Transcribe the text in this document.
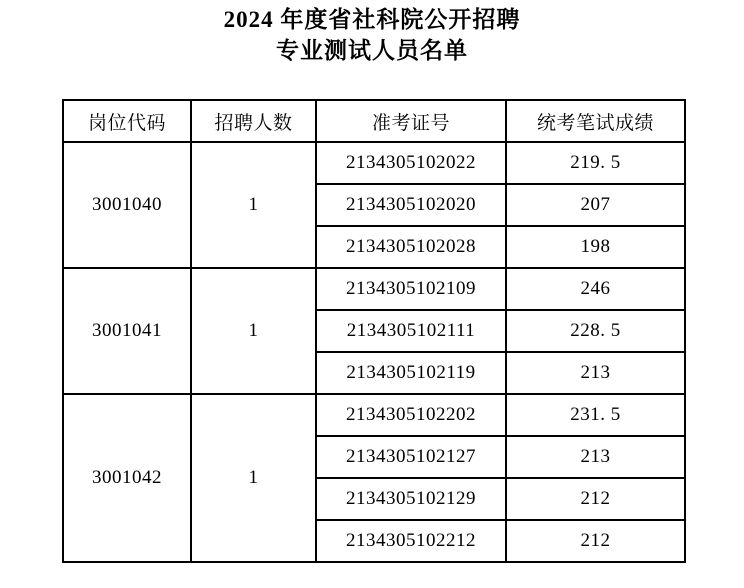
2024 年度省社科院公开招聘
专业测试人员名单
岗位代码	招聘人数	准考证号	统考笔试成绩
3001040	1	2134305102022	219. 5
		2134305102020	207
		2134305102028	198
3001041	1	2134305102109	246
		2134305102111	228. 5
		2134305102119	213
3001042	1	2134305102202	231. 5
		2134305102127	213
		2134305102129	212
		2134305102212	212
